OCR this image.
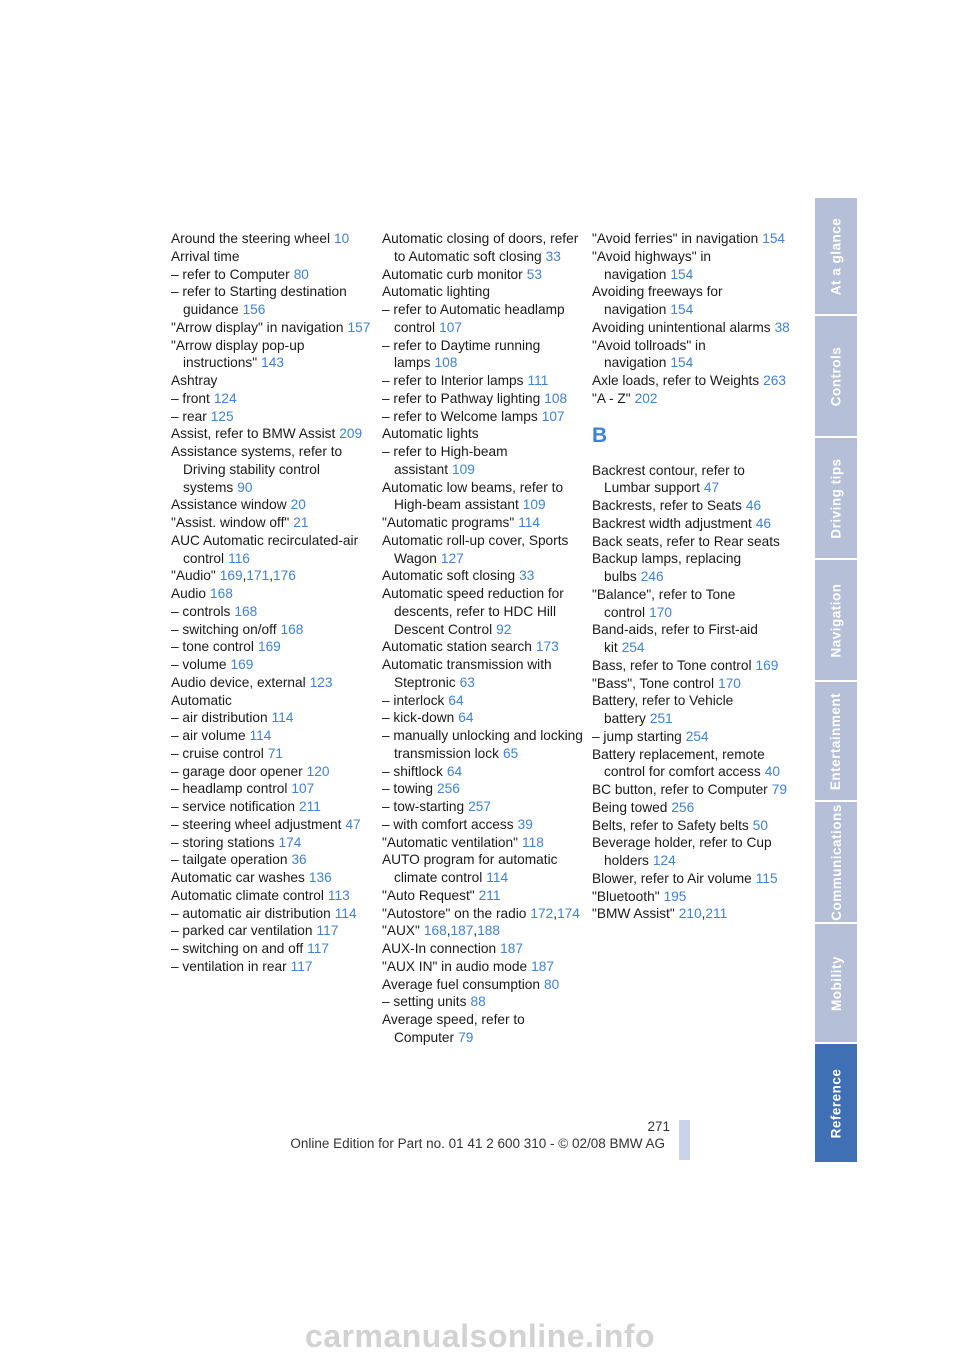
Around the steering wheel 10
Arrival time
– refer to Computer 80
– refer to Starting destination guidance 156
"Arrow display" in navigation 157
"Arrow display pop-up instructions" 143
Ashtray
– front 124
– rear 125
Assist, refer to BMW Assist 209
Assistance systems, refer to Driving stability control systems 90
Assistance window 20
"Assist. window off" 21
AUC Automatic recirculated-air control 116
"Audio" 169,171,176
Audio 168
– controls 168
– switching on/off 168
– tone control 169
– volume 169
Audio device, external 123
Automatic
– air distribution 114
– air volume 114
– cruise control 71
– garage door opener 120
– headlamp control 107
– service notification 211
– steering wheel adjustment 47
– storing stations 174
– tailgate operation 36
Automatic car washes 136
Automatic climate control 113
– automatic air distribution 114
– parked car ventilation 117
– switching on and off 117
– ventilation in rear 117
Automatic closing of doors, refer to Automatic soft closing 33
Automatic curb monitor 53
Automatic lighting
– refer to Automatic headlamp control 107
– refer to Daytime running lamps 108
– refer to Interior lamps 111
– refer to Pathway lighting 108
– refer to Welcome lamps 107
Automatic lights
– refer to High-beam assistant 109
Automatic low beams, refer to High-beam assistant 109
"Automatic programs" 114
Automatic roll-up cover, Sports Wagon 127
Automatic soft closing 33
Automatic speed reduction for descents, refer to HDC Hill Descent Control 92
Automatic station search 173
Automatic transmission with Steptronic 63
– interlock 64
– kick-down 64
– manually unlocking and locking transmission lock 65
– shiftlock 64
– towing 256
– tow-starting 257
– with comfort access 39
"Automatic ventilation" 118
AUTO program for automatic climate control 114
"Auto Request" 211
"Autostore" on the radio 172,174
"AUX" 168,187,188
AUX-In connection 187
"AUX IN" in audio mode 187
Average fuel consumption 80
– setting units 88
Average speed, refer to Computer 79
"Avoid ferries" in navigation 154
"Avoid highways" in navigation 154
Avoiding freeways for navigation 154
Avoiding unintentional alarms 38
"Avoid tollroads" in navigation 154
Axle loads, refer to Weights 263
"A - Z" 202
B
Backrest contour, refer to Lumbar support 47
Backrests, refer to Seats 46
Backrest width adjustment 46
Back seats, refer to Rear seats
Backup lamps, replacing bulbs 246
"Balance", refer to Tone control 170
Band-aids, refer to First-aid kit 254
Bass, refer to Tone control 169
"Bass", Tone control 170
Battery, refer to Vehicle battery 251
– jump starting 254
Battery replacement, remote control for comfort access 40
BC button, refer to Computer 79
Being towed 256
Belts, refer to Safety belts 50
Beverage holder, refer to Cup holders 124
Blower, refer to Air volume 115
"Bluetooth" 195
"BMW Assist" 210,211
At a glance
Controls
Driving tips
Navigation
Entertainment
Communications
Mobility
Reference
271
Online Edition for Part no. 01 41 2 600 310 - © 02/08 BMW AG
carmanualsonline.info
